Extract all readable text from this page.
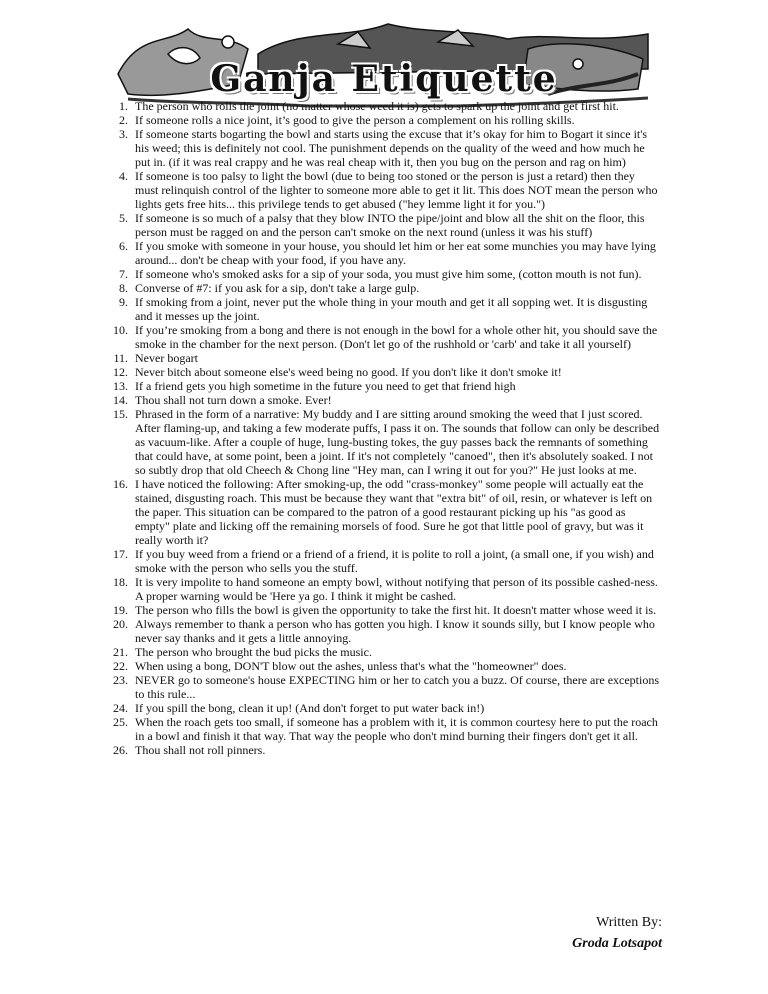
Ganja Etiquette
1. The person who rolls the joint (no matter whose weed it is) gets to spark up the joint and get first hit.
2. If someone rolls a nice joint, it’s good to give the person a complement on his rolling skills.
3. If someone starts bogarting the bowl and starts using the excuse that it’s okay for him to Bogart it since it's his weed; this is definitely not cool. The punishment depends on the quality of the weed and how much he put in. (if it was real crappy and he was real cheap with it, then you bug on the person and rag on him)
4. If someone is too palsy to light the bowl (due to being too stoned or the person is just a retard) then they must relinquish control of the lighter to someone more able to get it lit. This does NOT mean the person who lights gets free hits... this privilege tends to get abused ("hey lemme light it for you.")
5. If someone is so much of a palsy that they blow INTO the pipe/joint and blow all the shit on the floor, this person must be ragged on and the person can't smoke on the next round (unless it was his stuff)
6. If you smoke with someone in your house, you should let him or her eat some munchies you may have lying around... don't be cheap with your food, if you have any.
7. If someone who's smoked asks for a sip of your soda, you must give him some, (cotton mouth is not fun).
8. Converse of #7: if you ask for a sip, don't take a large gulp.
9. If smoking from a joint, never put the whole thing in your mouth and get it all sopping wet. It is disgusting and it messes up the joint.
10. If you’re smoking from a bong and there is not enough in the bowl for a whole other hit, you should save the smoke in the chamber for the next person. (Don't let go of the rushhold or 'carb' and take it all yourself)
11. Never bogart
12. Never bitch about someone else's weed being no good. If you don't like it don't smoke it!
13. If a friend gets you high sometime in the future you need to get that friend high
14. Thou shall not turn down a smoke. Ever!
15. Phrased in the form of a narrative: My buddy and I are sitting around smoking the weed that I just scored. After flaming-up, and taking a few moderate puffs, I pass it on. The sounds that follow can only be described as vacuum-like. After a couple of huge, lung-busting tokes, the guy passes back the remnants of something that could have, at some point, been a joint. If it's not completely "canoed", then it's absolutely soaked. I not so subtly drop that old Cheech & Chong line "Hey man, can I wring it out for you?" He just looks at me.
16. I have noticed the following: After smoking-up, the odd "crass-monkey" some people will actually eat the stained, disgusting roach. This must be because they want that "extra bit" of oil, resin, or whatever is left on the paper. This situation can be compared to the patron of a good restaurant picking up his "as good as empty" plate and licking off the remaining morsels of food. Sure he got that little pool of gravy, but was it really worth it?
17. If you buy weed from a friend or a friend of a friend, it is polite to roll a joint, (a small one, if you wish) and smoke with the person who sells you the stuff.
18. It is very impolite to hand someone an empty bowl, without notifying that person of its possible cashed-ness. A proper warning would be 'Here ya go. I think it might be cashed.
19. The person who fills the bowl is given the opportunity to take the first hit. It doesn't matter whose weed it is.
20. Always remember to thank a person who has gotten you high. I know it sounds silly, but I know people who never say thanks and it gets a little annoying.
21. The person who brought the bud picks the music.
22. When using a bong, DON'T blow out the ashes, unless that's what the "homeowner" does.
23. NEVER go to someone's house EXPECTING him or her to catch you a buzz. Of course, there are exceptions to this rule...
24. If you spill the bong, clean it up! (And don't forget to put water back in!)
25. When the roach gets too small, if someone has a problem with it, it is common courtesy here to put the roach in a bowl and finish it that way. That way the people who don't mind burning their fingers don't get it all.
26. Thou shall not roll pinners.
Written By:
Groda Lotsapot
